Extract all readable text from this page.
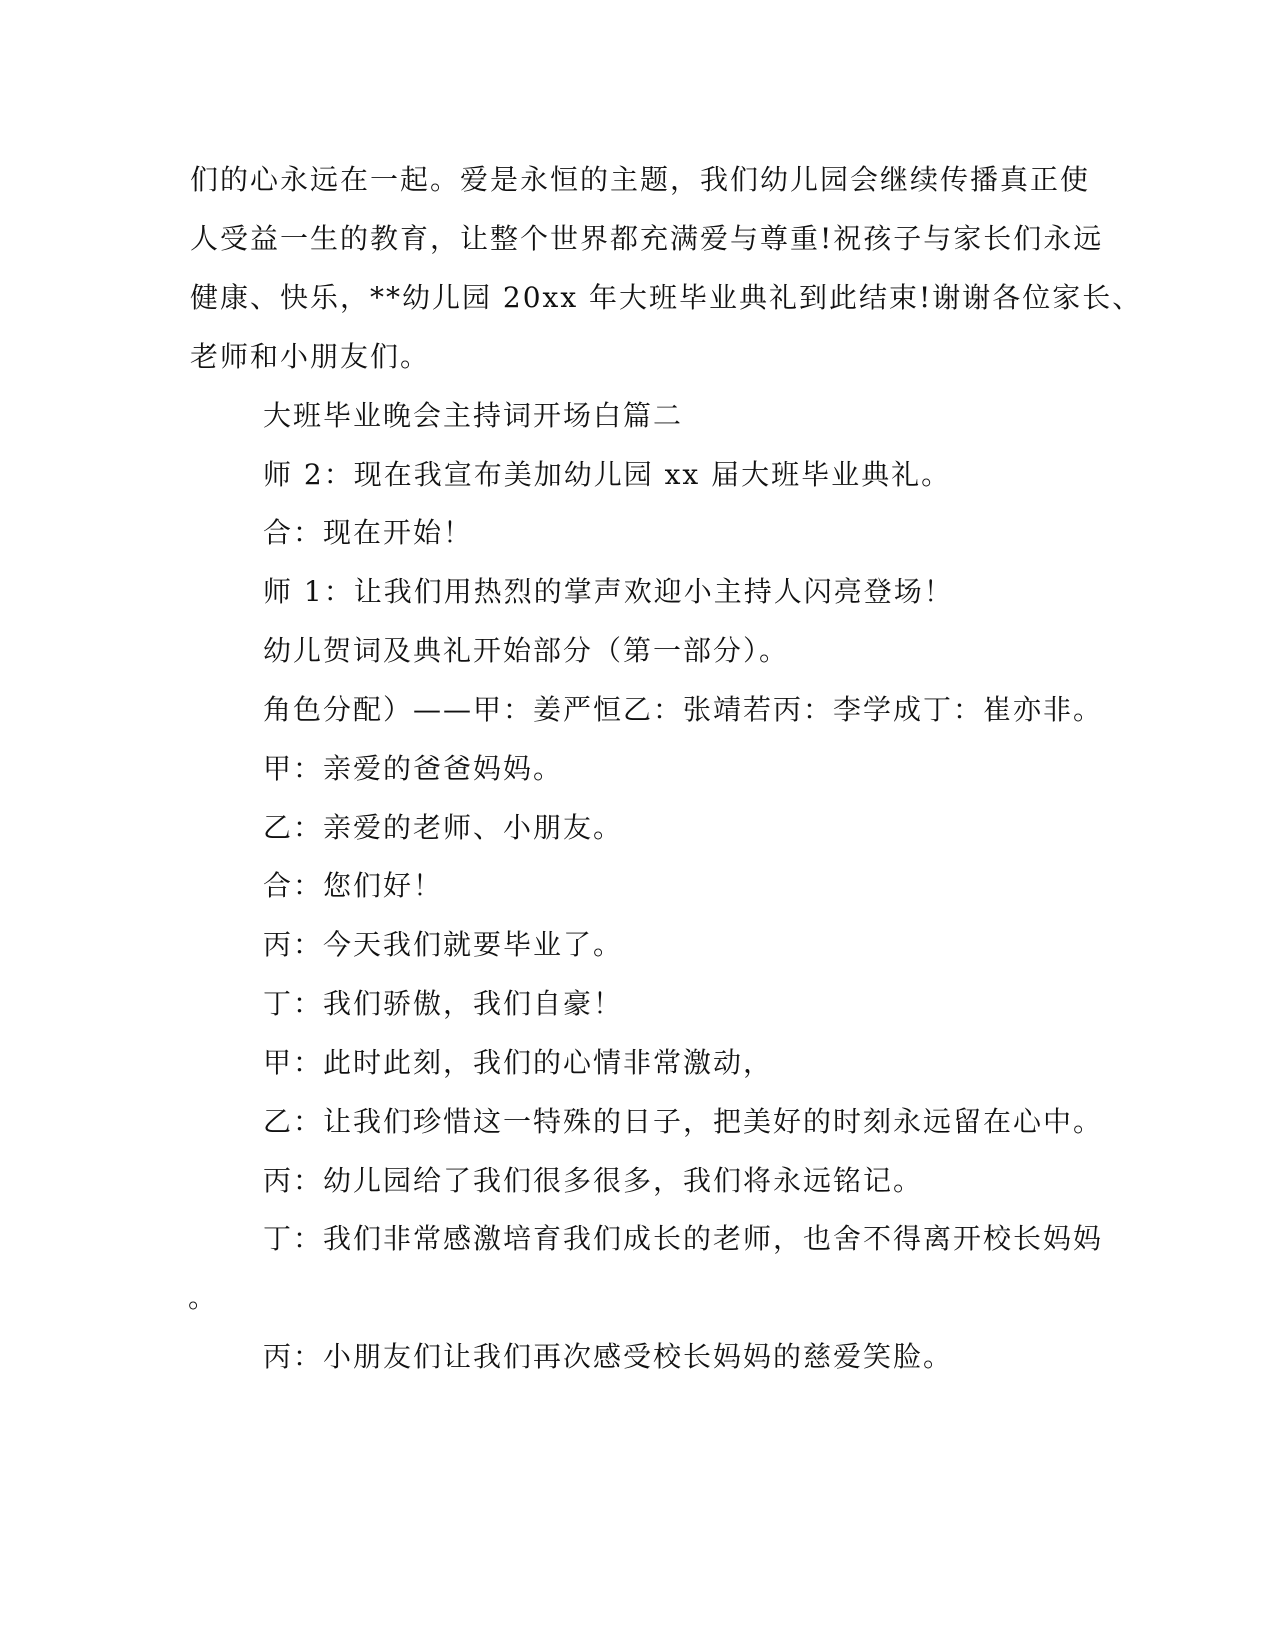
们的心永远在一起。爱是永恒的主题，我们幼儿园会继续传播真正使
人受益一生的教育，让整个世界都充满爱与尊重!祝孩子与家长们永远
健康、快乐，**幼儿园 20xx 年大班毕业典礼到此结束!谢谢各位家长、
老师和小朋友们。
大班毕业晚会主持词开场白篇二
师 2：现在我宣布美加幼儿园 xx 届大班毕业典礼。
合：现在开始！
师 1：让我们用热烈的掌声欢迎小主持人闪亮登场！
幼儿贺词及典礼开始部分（第一部分）。
角色分配）——甲：姜严恒乙：张靖若丙：李学成丁：崔亦非。
甲：亲爱的爸爸妈妈。
乙：亲爱的老师、小朋友。
合：您们好！
丙：今天我们就要毕业了。
丁：我们骄傲，我们自豪！
甲：此时此刻，我们的心情非常激动，
乙：让我们珍惜这一特殊的日子，把美好的时刻永远留在心中。
丙：幼儿园给了我们很多很多，我们将永远铭记。
丁：我们非常感激培育我们成长的老师，也舍不得离开校长妈妈
。
丙：小朋友们让我们再次感受校长妈妈的慈爱笑脸。
